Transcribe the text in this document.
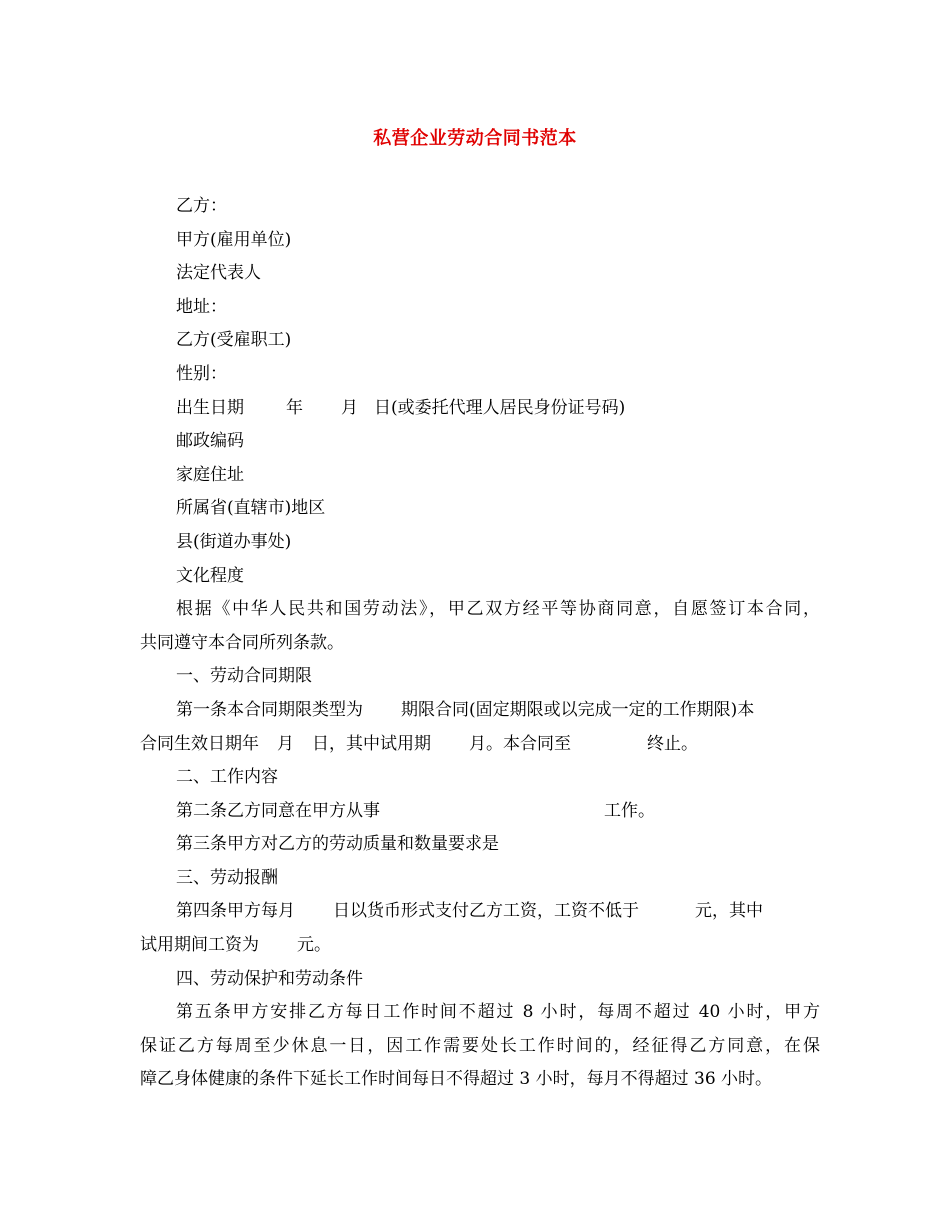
私营企业劳动合同书范本
乙方：
甲方(雇用单位)
法定代表人
地址：
乙方(受雇职工)
性别：
出生日期 年 月 日(或委托代理人居民身份证号码)
邮政编码
家庭住址
所属省(直辖市)地区
县(街道办事处)
文化程度
根据《中华人民共和国劳动法》，甲乙双方经平等协商同意，自愿签订本合同，
共同遵守本合同所列条款。
一、劳动合同期限
第一条本合同期限类型为 期限合同(固定期限或以完成一定的工作期限)本
合同生效日期年 月 日，其中试用期 月。本合同至	终止。
二、工作内容
第二条乙方同意在甲方从事	工作。
第三条甲方对乙方的劳动质量和数量要求是
三、劳动报酬
第四条甲方每月 日以货币形式支付乙方工资，工资不低于	元，其中
试用期间工资为 元。
四、劳动保护和劳动条件
第五条甲方安排乙方每日工作时间不超过 8 小时，每周不超过 40 小时，甲方
保证乙方每周至少休息一日，因工作需要处长工作时间的，经征得乙方同意，在保
障乙身体健康的条件下延长工作时间每日不得超过 3 小时，每月不得超过 36 小时。
